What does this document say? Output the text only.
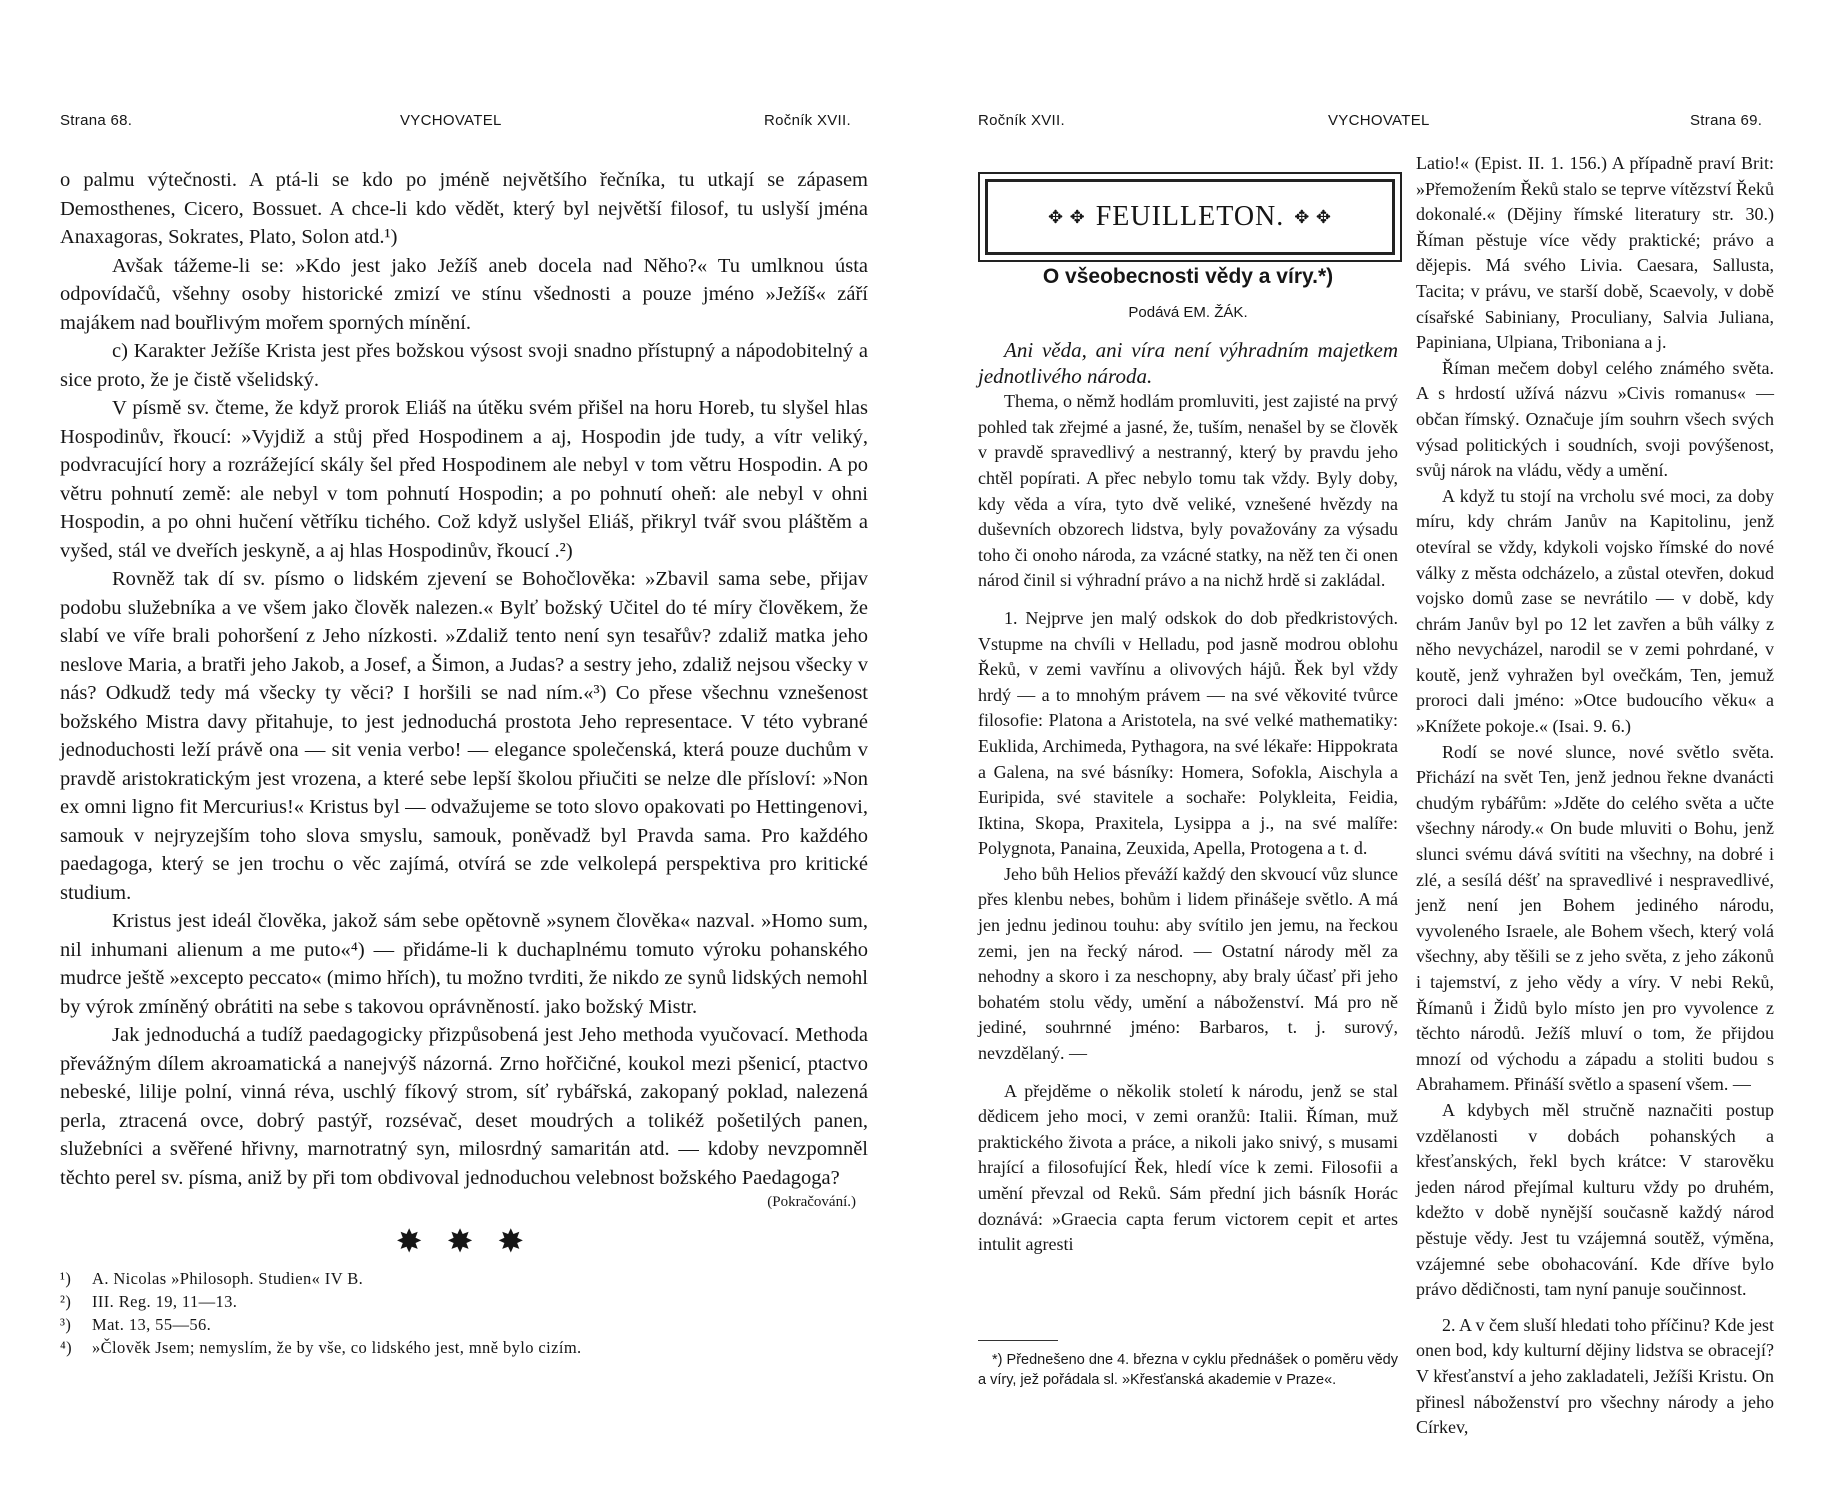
Strana 68.	VYCHOVATEL	Ročník XVII.

o palmu výtečnosti. A ptá-li se kdo po jméně největšího řečníka, tu utkají se zápasem Demosthenes, Cicero, Bossuet. A chce-li kdo vědět, který byl největší filosof, tu uslyší jména Anaxagoras, Sokrates, Plato, Solon atd.¹)

Avšak tážeme-li se: »Kdo jest jako Ježíš aneb docela nad Něho?« Tu umlknou ústa odpovídačů, všehny osoby historické zmizí ve stínu všednosti a pouze jméno »Ježíš« září majákem nad bouřlivým mořem sporných mínění.

c) Karakter Ježíše Krista jest přes božskou výsost svoji snadno přístupný a nápodobitelný a sice proto, že je čistě všelidský.

V písmě sv. čteme, že když prorok Eliáš na útěku svém přišel na horu Horeb, tu slyšel hlas Hospodinův, řkoucí: »Vyjdiž a stůj před Hospodinem a aj, Hospodin jde tudy, a vítr veliký, podvracující hory a rozrážející skály šel před Hospodinem ale nebyl v tom větru Hospodin. A po větru pohnutí země: ale nebyl v tom pohnutí Hospodin; a po pohnutí oheň: ale nebyl v ohni Hospodin, a po ohni hučení větříku tichého. Což když uslyšel Eliáš, přikryl tvář svou pláštěm a vyšed, stál ve dveřích jeskyně, a aj hlas Hospodinův, řkoucí .²)

Rovněž tak dí sv. písmo o lidském zjevení se Bohočlověka: »Zbavil sama sebe, přijav podobu služebníka a ve všem jako člověk nalezen.« Bylť božský Učitel do té míry člověkem, že slabí ve víře brali pohoršení z Jeho nízkosti. »Zdaliž tento není syn tesařův? zdaliž matka jeho neslove Maria, a bratři jeho Jakob, a Josef, a Šimon, a Judas? a sestry jeho, zdaliž nejsou všecky v nás? Odkudž tedy má všecky ty věci? I horšili se nad ním.«³) Co přese všechnu vznešenost božského Mistra davy přitahuje, to jest jednoduchá prostota Jeho representace. V této vybrané jednoduchosti leží právě ona — sit venia verbo! — elegance společenská, která pouze duchům v pravdě aristokratickým jest vrozena, a které sebe lepší školou přiučiti se nelze dle přísloví: »Non ex omni ligno fit Mercurius!« Kristus byl — odvažujeme se toto slovo opakovati po Hettingenovi, samouk v nejryzejším toho slova smyslu, samouk, poněvadž byl Pravda sama. Pro každého paedagoga, který se jen trochu o věc zajímá, otvírá se zde velkolepá perspektiva pro kritické studium.

Kristus jest ideál člověka, jakož sám sebe opětovně »synem člověka« nazval. »Homo sum, nil inhumani alienum a me puto«⁴) — přidáme-li k duchaplnému tomuto výroku pohanského mudrce ještě »excepto peccato« (mimo hřích), tu možno tvrditi, že nikdo ze synů lidských nemohl by výrok zmíněný obrátiti na sebe s takovou oprávněností. jako božský Mistr.

Jak jednoduchá a tudíž paedagogicky přizpůsobená jest Jeho methoda vyučovací. Methoda převážným dílem akroamatická a nanejvýš názorná. Zrno hořčičné, koukol mezi pšenicí, ptactvo nebeské, lilije polní, vinná réva, uschlý fíkový strom, síť rybářská, zakopaný poklad, nalezená perla, ztracená ovce, dobrý pastýř, rozsévač, deset moudrých a tolikéž pošetilých panen, služebníci a svěřené hřivny, marnotratný syn, milosrdný samaritán atd. — kdoby nevzpomněl těchto perel sv. písma, aniž by při tom obdivoval jednoduchou velebnost božského Paedagoga?

(Pokračování.)
✸ ✸ ✸
¹) A. Nicolas »Philosoph. Studien« IV B.
²) III. Reg. 19, 11—13.
³) Mat. 13, 55—56.
⁴) »Člověk Jsem; nemyslím, že by vše, co lidského jest, mně bylo cizím.
Ročník XVII.	VYCHOVATEL	Strana 69.
✥ ✥ FEUILLETON. ✥ ✥

O všeobecnosti vědy a víry.*)

Podává EM. ŽÁK.

Ani věda, ani víra není výhradním majetkem jednotlivého národa.

Thema, o němž hodlám promluviti, jest zajisté na prvý pohled tak zřejmé a jasné, že, tuším, nenašel by se člověk v pravdě spravedlivý a nestranný, který by pravdu jeho chtěl popírati. A přec nebylo tomu tak vždy. Byly doby, kdy věda a víra, tyto dvě veliké, vznešené hvězdy na duševních obzorech lidstva, byly považovány za výsadu toho či onoho národa, za vzácné statky, na něž ten či onen národ činil si výhradní právo a na nichž hrdě si zakládal.

1. Nejprve jen malý odskok do dob předkristových. Vstupme na chvíli v Helladu, pod jasně modrou oblohu Řeků, v zemi vavřínu a olivových hájů. Řek byl vždy hrdý — a to mnohým právem — na své věkovité tvůrce filosofie: Platona a Aristotela, na své velké mathematiky: Euklida, Archimeda, Pythagora, na své lékaře: Hippokrata a Galena, na své básníky: Homera, Sofokla, Aischyla a Euripida, své stavitele a sochaře: Polykleita, Feidia, Iktina, Skopa, Praxitela, Lysippa a j., na své malíře: Polygnota, Panaina, Zeuxida, Apella, Protogena a t. d.

Jeho bůh Helios převáží každý den skvoucí vůz slunce přes klenbu nebes, bohům i lidem přinášeje světlo. A má jen jednu jedinou touhu: aby svítilo jen jemu, na řeckou zemi, jen na řecký národ. — Ostatní národy měl za nehodny a skoro i za neschopny, aby braly účasť při jeho bohatém stolu vědy, umění a náboženství. Má pro ně jediné, souhrnné jméno: Barbaros, t. j. surový, nevzdělaný. —

A přejděme o několik století k národu, jenž se stal dědicem jeho moci, v zemi oranžů: Italii. Říman, muž praktického života a práce, a nikoli jako snivý, s musami hrající a filosofující Řek, hledí více k zemi. Filosofii a umění převzal od Reků. Sám přední jich básník Horác doznává: »Graecia capta ferum victorem cepit et artes intulit agresti

*) Přednešeno dne 4. března v cyklu přednášek o poměru vědy a víry, jež pořádala sl. »Křesťanská akademie v Praze«.

Latio!« (Epist. II. 1. 156.) A případně praví Brit: »Přemožením Řeků stalo se teprve vítězství Řeků dokonalé.« (Dějiny římské literatury str. 30.) Říman pěstuje více vědy praktické; právo a dějepis. Má svého Livia. Caesara, Sallusta, Tacita; v právu, ve starší době, Scaevoly, v době císařské Sabiniany, Proculiany, Salvia Juliana, Papiniana, Ulpiana, Triboniana a j.

Říman mečem dobyl celého známého světa. A s hrdostí užívá názvu »Civis romanus« — občan římský. Označuje jím souhrn všech svých výsad politických i soudních, svoji povýšenost, svůj nárok na vládu, vědy a umění.

A když tu stojí na vrcholu své moci, za doby míru, kdy chrám Janův na Kapitolinu, jenž otevíral se vždy, kdykoli vojsko římské do nové války z města odcházelo, a zůstal otevřen, dokud vojsko domů zase se nevrátilo — v době, kdy chrám Janův byl po 12 let zavřen a bůh války z něho nevycházel, narodil se v zemi pohrdané, v koutě, jenž vyhražen byl ovečkám, Ten, jemuž proroci dali jméno: »Otce budoucího věku« a »Knížete pokoje.« (Isai. 9. 6.)

Rodí se nové slunce, nové světlo světa. Přichází na svět Ten, jenž jednou řekne dvanácti chudým rybářům: »Jděte do celého světa a učte všechny národy.« On bude mluviti o Bohu, jenž slunci svému dává svítiti na všechny, na dobré i zlé, a sesílá déšť na spravedlivé i nespravedlivé, jenž není jen Bohem jediného národu, vyvoleného Israele, ale Bohem všech, který volá všechny, aby těšili se z jeho světa, z jeho zákonů i tajemství, z jeho vědy a víry. V nebi Reků, Římanů i Židů bylo místo jen pro vyvolence z těchto národů. Ježíš mluví o tom, že přijdou mnozí od východu a západu a stoliti budou s Abrahamem. Přináší světlo a spasení všem. —

A kdybych měl stručně naznačiti postup vzdělanosti v dobách pohanských a křesťanských, řekl bych krátce: V starověku jeden národ přejímal kulturu vždy po druhém, kdežto v době nynější současně každý národ pěstuje vědy. Jest tu vzájemná soutěž, výměna, vzájemné sebe obohacování. Kde dříve bylo právo dědičnosti, tam nyní panuje součinnost.

2. A v čem sluší hledati toho příčinu? Kde jest onen bod, kdy kulturní dějiny lidstva se obracejí? V křesťanství a jeho zakladateli, Ježíši Kristu. On přinesl náboženství pro všechny národy a jeho Církev,
